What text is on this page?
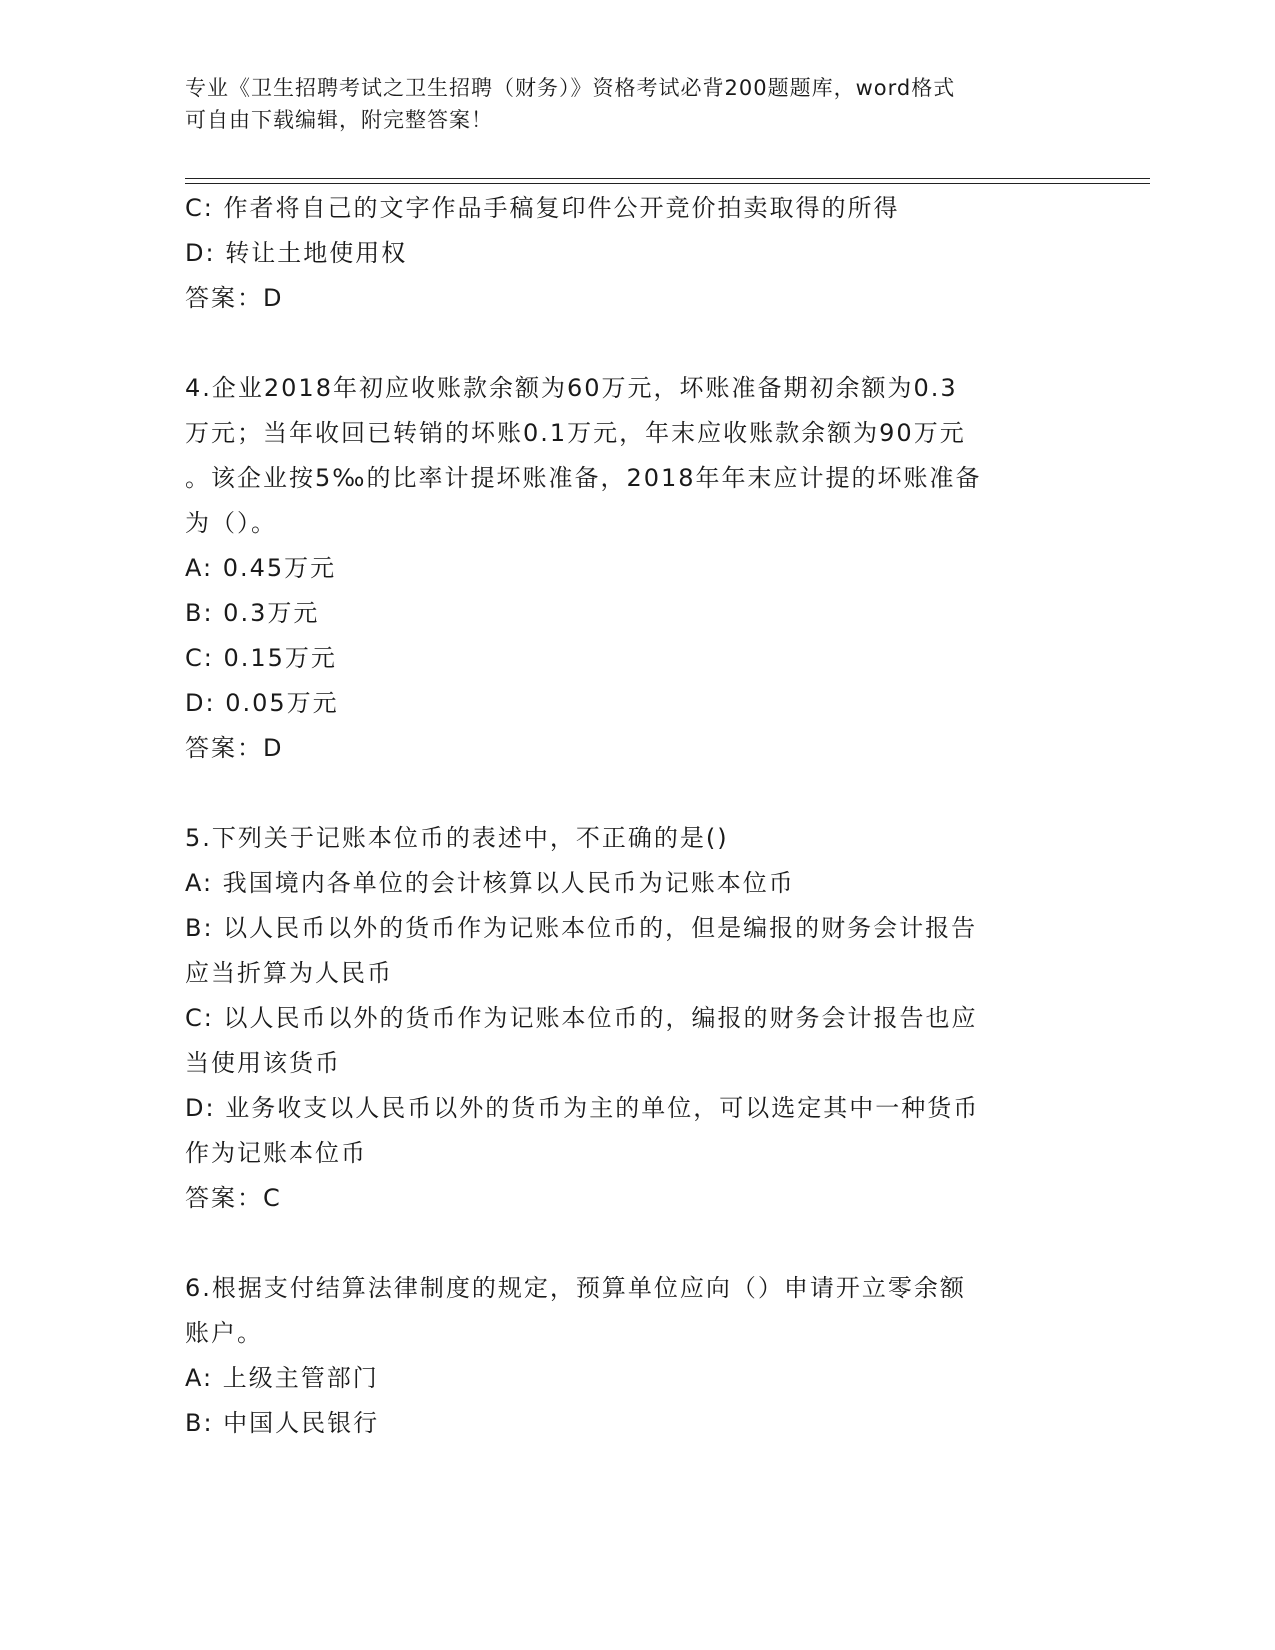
专业《卫生招聘考试之卫生招聘（财务）》资格考试必背200题题库，word格式
可自由下载编辑，附完整答案！
C: 作者将自己的文字作品手稿复印件公开竞价拍卖取得的所得
D: 转让土地使用权
答案：D
4.企业2018年初应收账款余额为60万元，坏账准备期初余额为0.3
万元；当年收回已转销的坏账0.1万元，年末应收账款余额为90万元
。该企业按5‰的比率计提坏账准备，2018年年末应计提的坏账准备
为（）。
A: 0.45万元
B: 0.3万元
C: 0.15万元
D: 0.05万元
答案：D
5.下列关于记账本位币的表述中，不正确的是()
A: 我国境内各单位的会计核算以人民币为记账本位币
B: 以人民币以外的货币作为记账本位币的，但是编报的财务会计报告
应当折算为人民币
C: 以人民币以外的货币作为记账本位币的，编报的财务会计报告也应
当使用该货币
D: 业务收支以人民币以外的货币为主的单位，可以选定其中一种货币
作为记账本位币
答案：C
6.根据支付结算法律制度的规定，预算单位应向（）申请开立零余额
账户。
A: 上级主管部门
B: 中国人民银行
